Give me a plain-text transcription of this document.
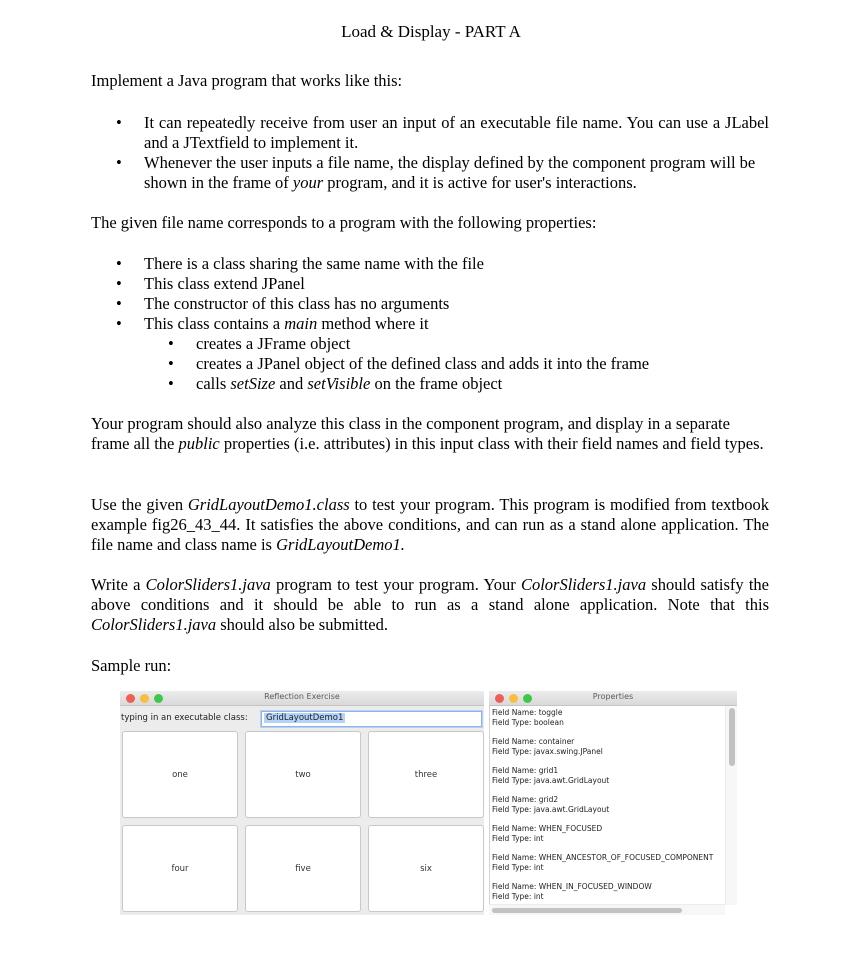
Load & Display - PART A

Implement a Java program that works like this:

• It can repeatedly receive from user an input of an executable file name. You can use a JLabel and a JTextfield to implement it.
• Whenever the user inputs a file name, the display defined by the component program will be shown in the frame of your program, and it is active for user's interactions.

The given file name corresponds to a program with the following properties:

• There is a class sharing the same name with the file
• This class extend JPanel
• The constructor of this class has no arguments
• This class contains a main method where it
• creates a JFrame object
• creates a JPanel object of the defined class and adds it into the frame
• calls setSize and setVisible on the frame object

Your program should also analyze this class in the component program, and display in a separate frame all the public properties (i.e. attributes) in this input class with their field names and field types.

Use the given GridLayoutDemo1.class to test your program. This program is modified from textbook example fig26_43_44. It satisfies the above conditions, and can run as a stand alone application. The file name and class name is GridLayoutDemo1.

Write a ColorSliders1.java program to test your program. Your ColorSliders1.java should satisfy the above conditions and it should be able to run as a stand alone application. Note that this ColorSliders1.java should also be submitted.

Sample run:

Reflection Exercise
typing in an executable class: GridLayoutDemo1
one	two	three
four	five	six
Properties
Field Name: toggle
Field Type: boolean
Field Name: container
Field Type: javax.swing.JPanel
Field Name: grid1
Field Type: java.awt.GridLayout
Field Name: grid2
Field Type: java.awt.GridLayout
Field Name: WHEN_FOCUSED
Field Type: int
Field Name: WHEN_ANCESTOR_OF_FOCUSED_COMPONENT
Field Type: int
Field Name: WHEN_IN_FOCUSED_WINDOW
Field Type: int
